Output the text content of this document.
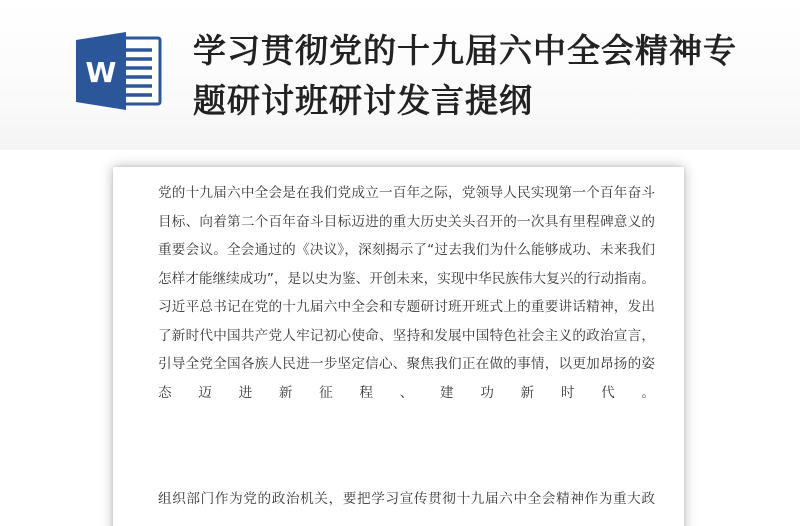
W
学习贯彻党的十九届六中全会精神专题研讨班研讨发言提纲

党的十九届六中全会是在我们党成立一百年之际，党领导人民实现第一个百年奋斗目标、向着第二个百年奋斗目标迈进的重大历史关头召开的一次具有里程碑意义的重要会议。全会通过的《决议》，深刻揭示了“过去我们为什么能够成功、未来我们怎样才能继续成功”，是以史为鉴、开创未来，实现中华民族伟大复兴的行动指南。习近平总书记在党的十九届六中全会和专题研讨班开班式上的重要讲话精神，发出了新时代中国共产党人牢记初心使命、坚持和发展中国特色社会主义的政治宣言，引导全党全国各族人民进一步坚定信心、聚焦我们正在做的事情，以更加昂扬的姿态迈进新征程、建功新时代。

组织部门作为党的政治机关，要把学习宣传贯彻十九届六中全会精神作为重大政
